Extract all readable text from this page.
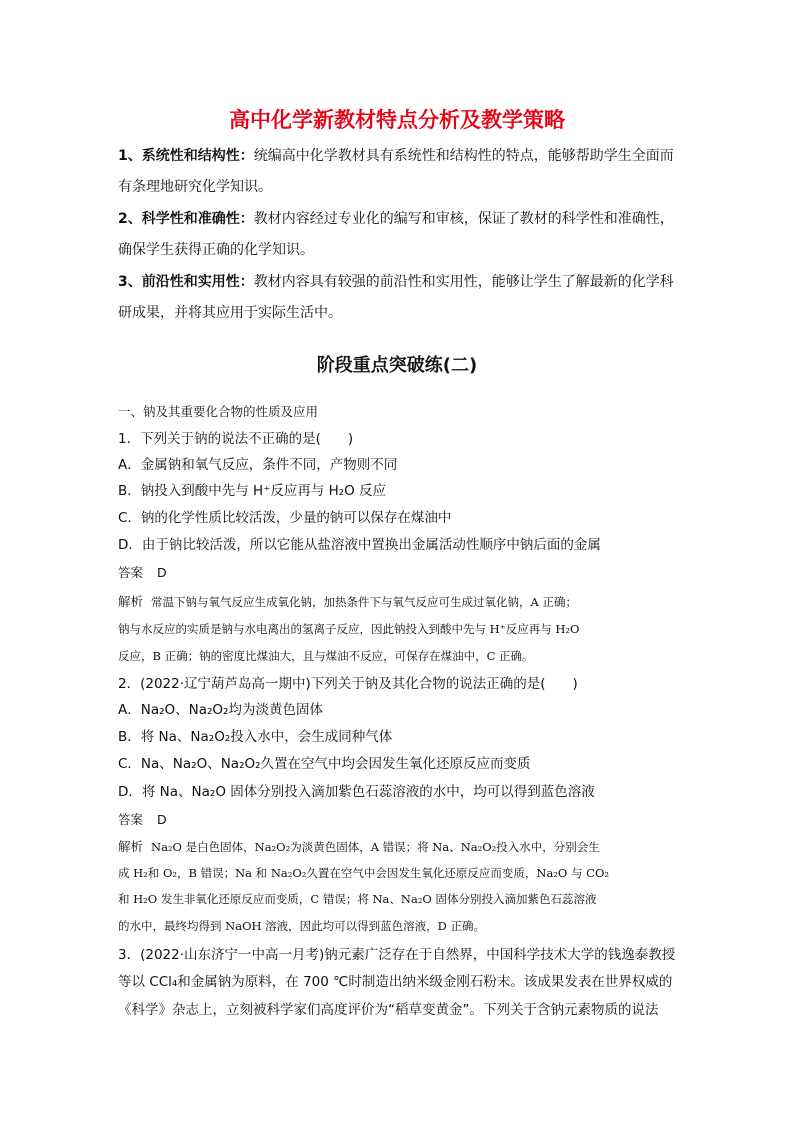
高中化学新教材特点分析及教学策略
1、系统性和结构性：统编高中化学教材具有系统性和结构性的特点，能够帮助学生全面而
有条理地研究化学知识。
2、科学性和准确性：教材内容经过专业化的编写和审核，保证了教材的科学性和准确性，
确保学生获得正确的化学知识。
3、前沿性和实用性：教材内容具有较强的前沿性和实用性，能够让学生了解最新的化学科
研成果，并将其应用于实际生活中。
阶段重点突破练(二)
一、钠及其重要化合物的性质及应用
1．下列关于钠的说法不正确的是(　　)
A．金属钠和氧气反应，条件不同，产物则不同
B．钠投入到酸中先与 H⁺反应再与 H₂O 反应
C．钠的化学性质比较活泼，少量的钠可以保存在煤油中
D．由于钠比较活泼，所以它能从盐溶液中置换出金属活动性顺序中钠后面的金属
答案 D
解析 常温下钠与氧气反应生成氧化钠，加热条件下与氧气反应可生成过氧化钠，A 正确；
钠与水反应的实质是钠与水电离出的氢离子反应，因此钠投入到酸中先与 H⁺反应再与 H₂O
反应，B 正确；钠的密度比煤油大，且与煤油不反应，可保存在煤油中，C 正确。
2．(2022·辽宁葫芦岛高一期中)下列关于钠及其化合物的说法正确的是(　　)
A．Na₂O、Na₂O₂均为淡黄色固体
B．将 Na、Na₂O₂投入水中，会生成同种气体
C．Na、Na₂O、Na₂O₂久置在空气中均会因发生氧化还原反应而变质
D．将 Na、Na₂O 固体分别投入滴加紫色石蕊溶液的水中，均可以得到蓝色溶液
答案 D
解析 Na₂O 是白色固体，Na₂O₂为淡黄色固体，A 错误；将 Na、Na₂O₂投入水中，分别会生
成 H₂和 O₂，B 错误；Na 和 Na₂O₂久置在空气中会因发生氧化还原反应而变质，Na₂O 与 CO₂
和 H₂O 发生非氧化还原反应而变质，C 错误；将 Na、Na₂O 固体分别投入滴加紫色石蕊溶液
的水中，最终均得到 NaOH 溶液，因此均可以得到蓝色溶液，D 正确。
3．(2022·山东济宁一中高一月考)钠元素广泛存在于自然界，中国科学技术大学的钱逸泰教授
等以 CCl₄和金属钠为原料，在 700 ℃时制造出纳米级金刚石粉末。该成果发表在世界权威的
《科学》杂志上，立刻被科学家们高度评价为“稻草变黄金”。下列关于含钠元素物质的说法
